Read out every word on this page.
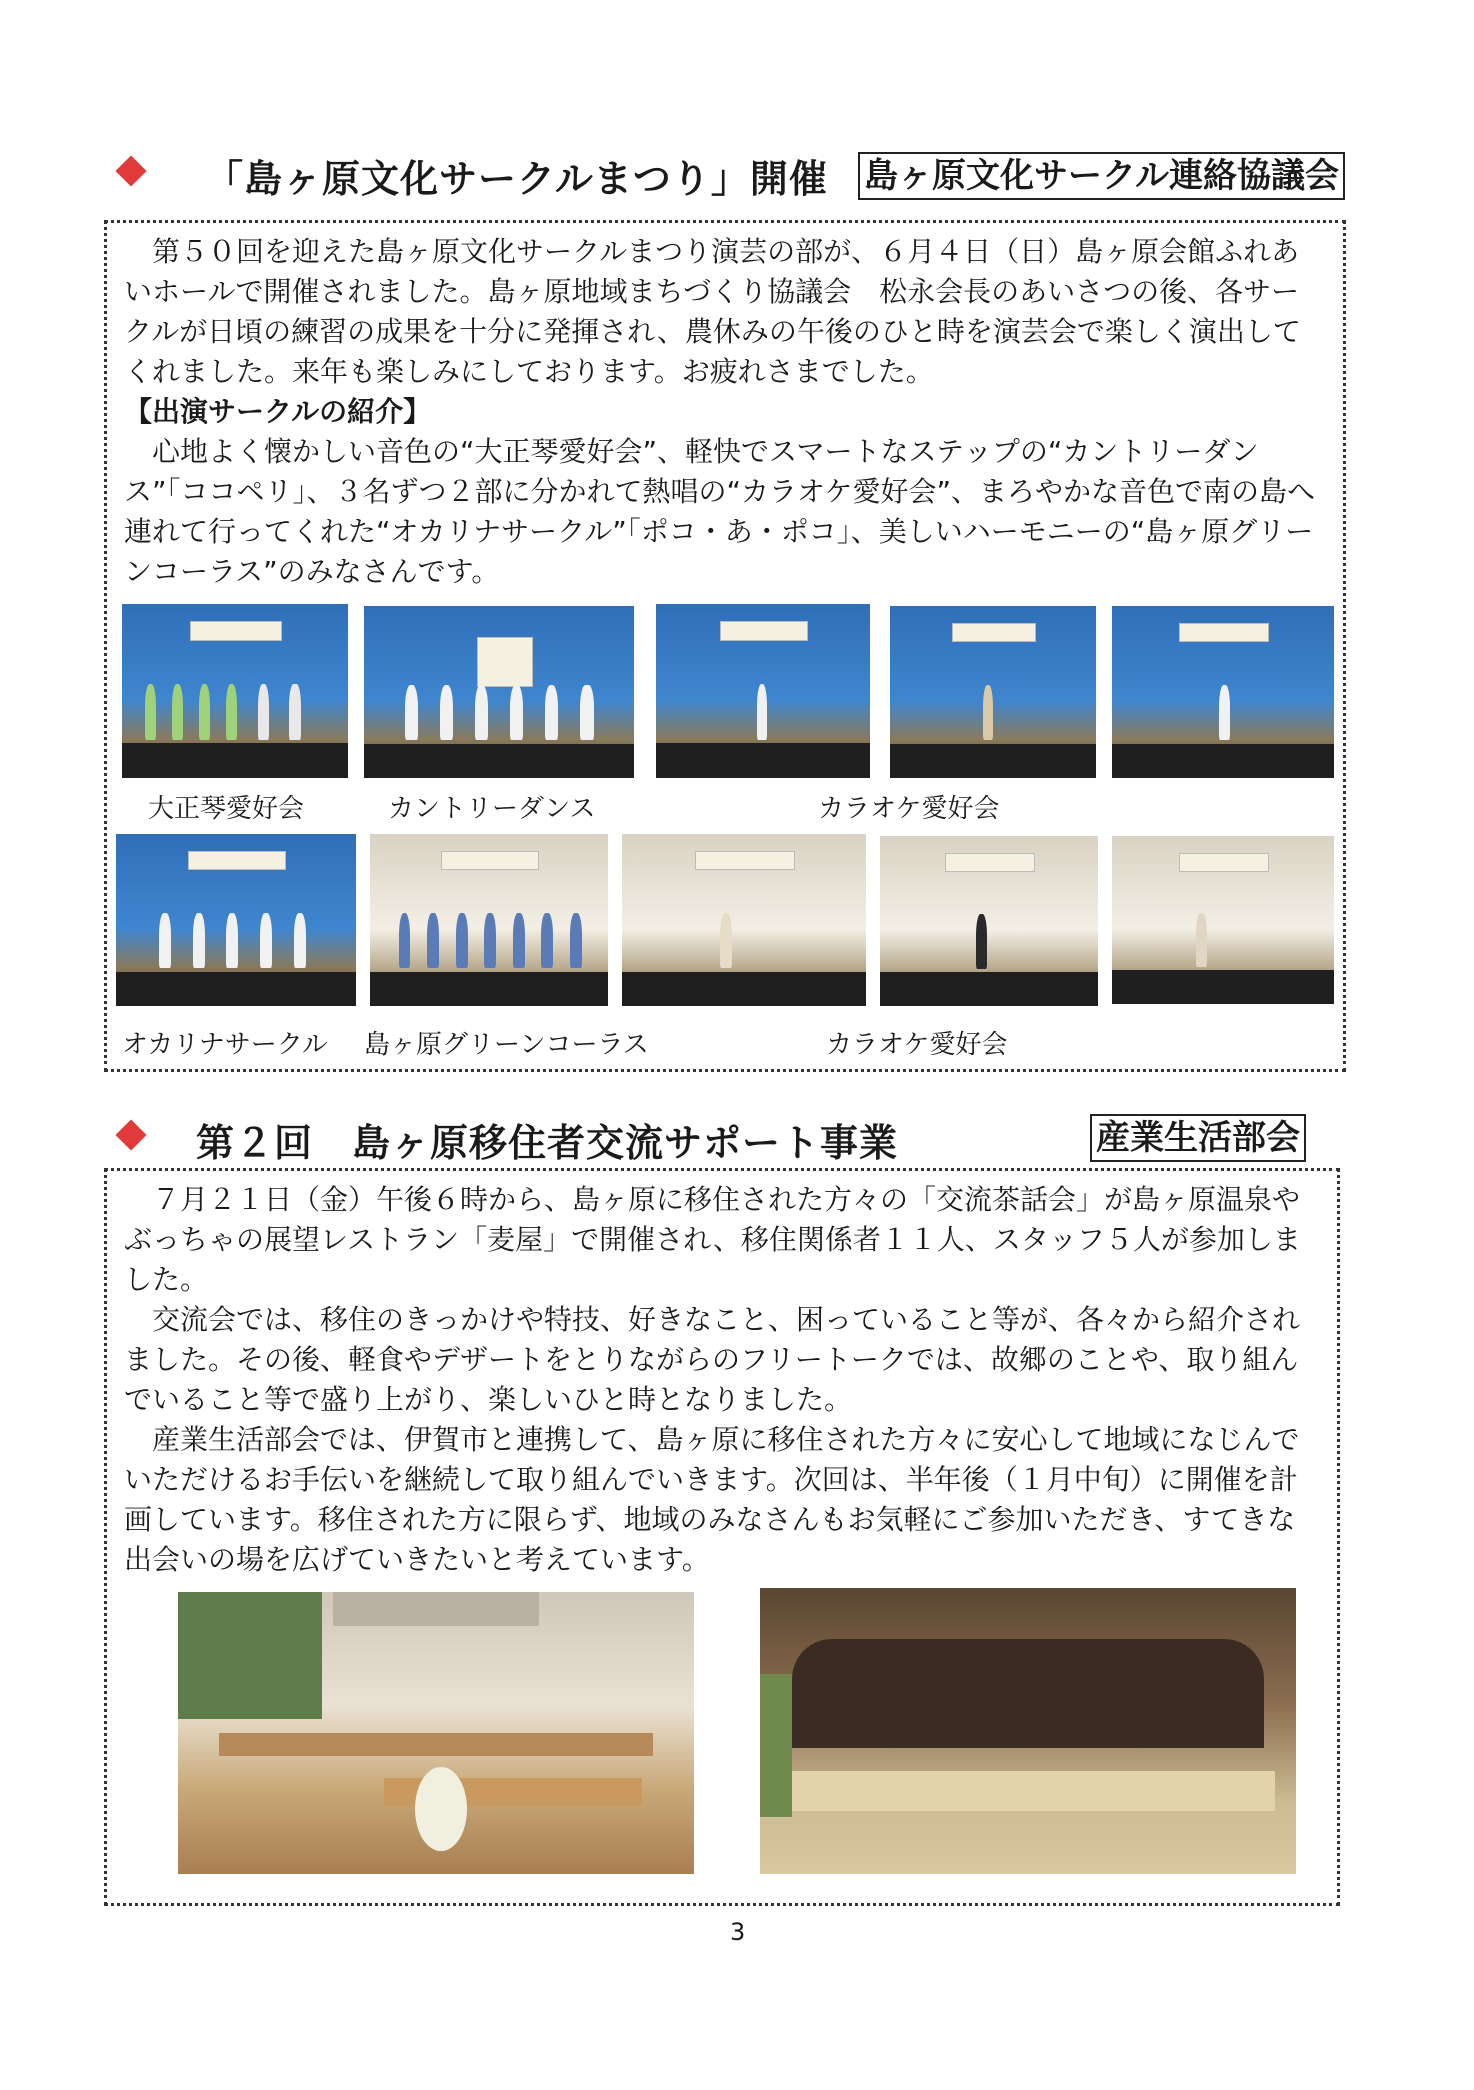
「島ヶ原文化サークルまつり」開催 島ヶ原文化サークル連絡協議会

第５０回を迎えた島ヶ原文化サークルまつり演芸の部が、６月４日（日）島ヶ原会館ふれあいホールで開催されました。島ヶ原地域まちづくり協議会　松永会長のあいさつの後、各サークルが日頃の練習の成果を十分に発揮され、農休みの午後のひと時を演芸会で楽しく演出してくれました。来年も楽しみにしております。お疲れさまでした。

【出演サークルの紹介】

心地よく懐かしい音色の“大正琴愛好会”、軽快でスマートなステップの“カントリーダンス”「ココペリ」、３名ずつ２部に分かれて熱唱の“カラオケ愛好会”、まろやかな音色で南の島へ連れて行ってくれた“オカリナサークル”「ポコ・あ・ポコ」、美しいハーモニーの“島ヶ原グリーンコーラス”のみなさんです。

大正琴愛好会	カントリーダンス	カラオケ愛好会
オカリナサークル 島ヶ原グリーンコーラス	カラオケ愛好会
第２回　島ヶ原移住者交流サポート事業	産業生活部会

７月２１日（金）午後６時から、島ヶ原に移住された方々の「交流茶話会」が島ヶ原温泉やぶっちゃの展望レストラン「麦屋」で開催され、移住関係者１１人、スタッフ５人が参加しました。

交流会では、移住のきっかけや特技、好きなこと、困っていること等が、各々から紹介されました。その後、軽食やデザートをとりながらのフリートークでは、故郷のことや、取り組んでいること等で盛り上がり、楽しいひと時となりました。

産業生活部会では、伊賀市と連携して、島ヶ原に移住された方々に安心して地域になじんでいただけるお手伝いを継続して取り組んでいきます。次回は、半年後（１月中旬）に開催を計画しています。移住された方に限らず、地域のみなさんもお気軽にご参加いただき、すてきな出会いの場を広げていきたいと考えています。

3
